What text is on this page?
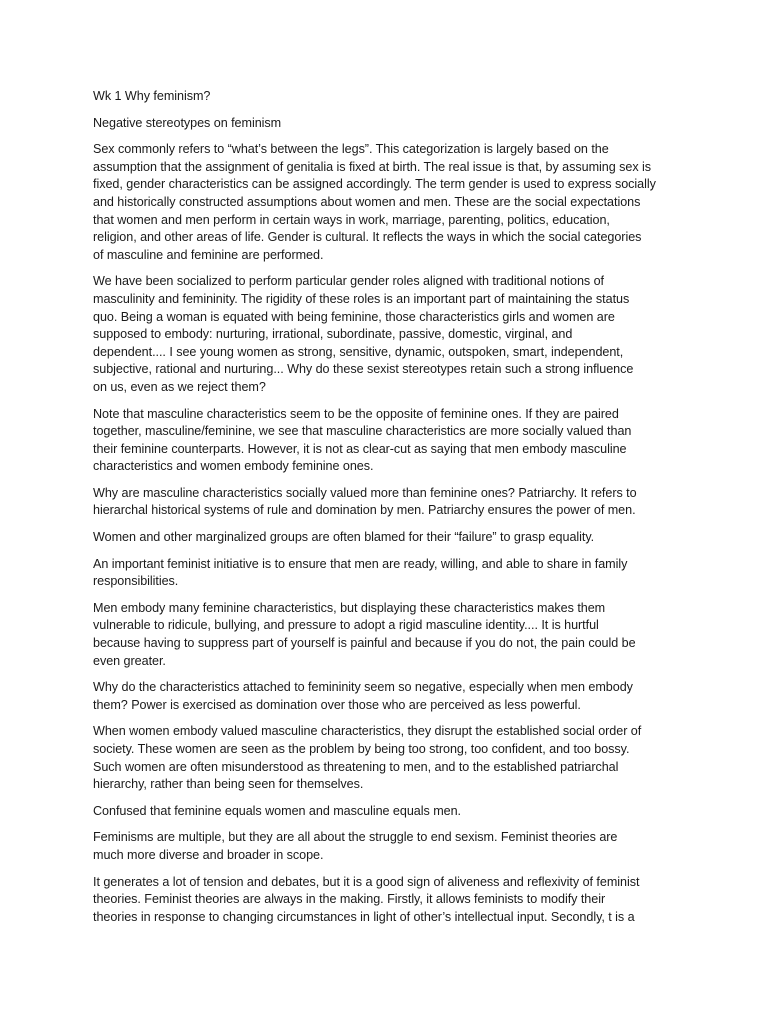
Wk 1 Why feminism?
Negative stereotypes on feminism
Sex commonly refers to “what’s between the legs”. This categorization is largely based on the
assumption that the assignment of genitalia is fixed at birth. The real issue is that, by assuming sex is
fixed, gender characteristics can be assigned accordingly. The term gender is used to express socially
and historically constructed assumptions about women and men. These are the social expectations
that women and men perform in certain ways in work, marriage, parenting, politics, education,
religion, and other areas of life. Gender is cultural. It reflects the ways in which the social categories
of masculine and feminine are performed.
We have been socialized to perform particular gender roles aligned with traditional notions of
masculinity and femininity. The rigidity of these roles is an important part of maintaining the status
quo. Being a woman is equated with being feminine, those characteristics girls and women are
supposed to embody: nurturing, irrational, subordinate, passive, domestic, virginal, and
dependent.... I see young women as strong, sensitive, dynamic, outspoken, smart, independent,
subjective, rational and nurturing... Why do these sexist stereotypes retain such a strong influence
on us, even as we reject them?
Note that masculine characteristics seem to be the opposite of feminine ones. If they are paired
together, masculine/feminine, we see that masculine characteristics are more socially valued than
their feminine counterparts. However, it is not as clear-cut as saying that men embody masculine
characteristics and women embody feminine ones.
Why are masculine characteristics socially valued more than feminine ones? Patriarchy. It refers to
hierarchal historical systems of rule and domination by men. Patriarchy ensures the power of men.
Women and other marginalized groups are often blamed for their “failure” to grasp equality.
An important feminist initiative is to ensure that men are ready, willing, and able to share in family
responsibilities.
Men embody many feminine characteristics, but displaying these characteristics makes them
vulnerable to ridicule, bullying, and pressure to adopt a rigid masculine identity.... It is hurtful
because having to suppress part of yourself is painful and because if you do not, the pain could be
even greater.
Why do the characteristics attached to femininity seem so negative, especially when men embody
them? Power is exercised as domination over those who are perceived as less powerful.
When women embody valued masculine characteristics, they disrupt the established social order of
society. These women are seen as the problem by being too strong, too confident, and too bossy.
Such women are often misunderstood as threatening to men, and to the established patriarchal
hierarchy, rather than being seen for themselves.
Confused that feminine equals women and masculine equals men.
Feminisms are multiple, but they are all about the struggle to end sexism. Feminist theories are
much more diverse and broader in scope.
It generates a lot of tension and debates, but it is a good sign of aliveness and reflexivity of feminist
theories. Feminist theories are always in the making. Firstly, it allows feminists to modify their
theories in response to changing circumstances in light of other’s intellectual input. Secondly, t is a
